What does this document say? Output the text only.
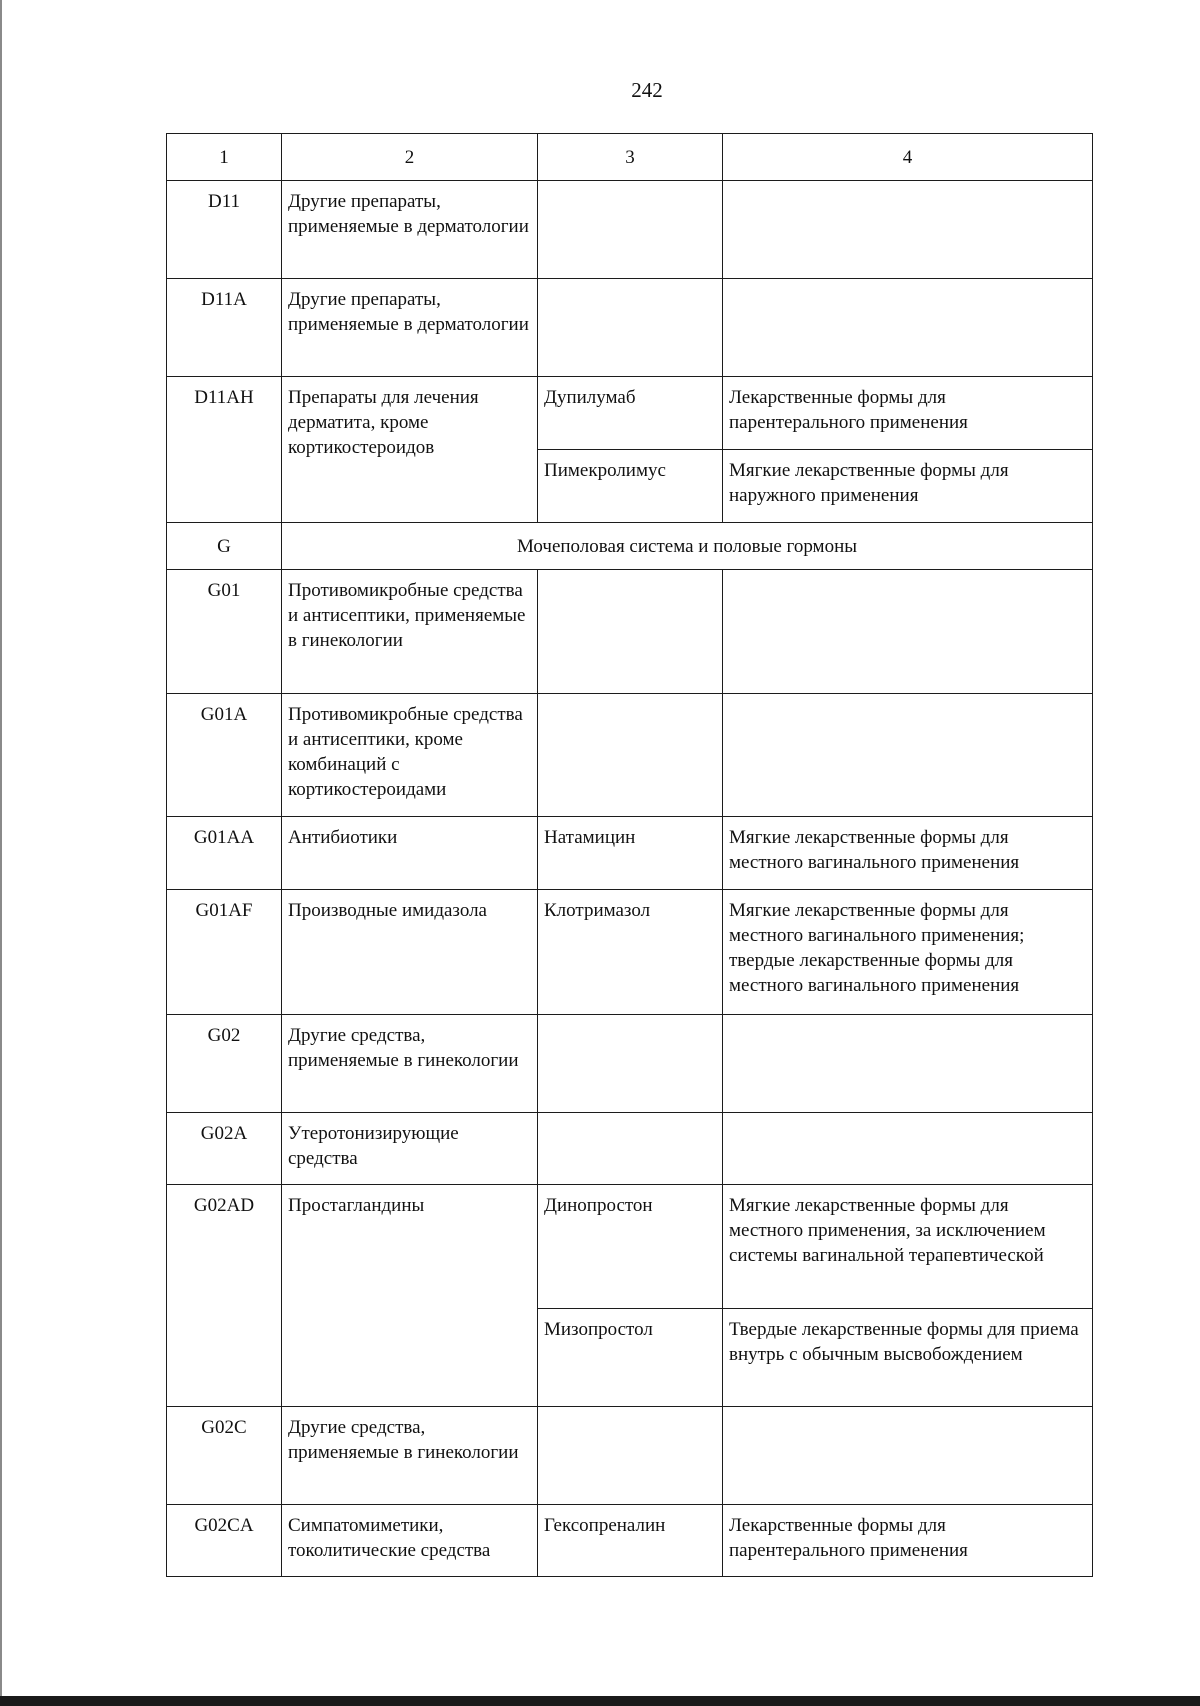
242
1	2	3	4
D11	Другие препараты, применяемые в дерматологии		
D11A	Другие препараты, применяемые в дерматологии		
D11AH	Препараты для лечения дерматита, кроме кортикостероидов	Дупилумаб	Лекарственные формы для парентерального применения
		Пимекролимус	Мягкие лекарственные формы для наружного применения
G	Мочеполовая система и половые гормоны		
G01	Противомикробные средства и антисептики, применяемые в гинекологии		
G01A	Противомикробные средства и антисептики, кроме комбинаций с кортикостероидами		
G01AA	Антибиотики	Натамицин	Мягкие лекарственные формы для местного вагинального применения
G01AF	Производные имидазола	Клотримазол	Мягкие лекарственные формы для местного вагинального применения; твердые лекарственные формы для местного вагинального применения
G02	Другие средства, применяемые в гинекологии		
G02A	Утеротонизирующие средства		
G02AD	Простагландины	Динопростон	Мягкие лекарственные формы для местного применения, за исключением системы вагинальной терапевтической
		Мизопростол	Твердые лекарственные формы для приема внутрь с обычным высвобождением
G02C	Другие средства, применяемые в гинекологии		
G02CA	Симпатомиметики, токолитические средства	Гексопреналин	Лекарственные формы для парентерального применения
